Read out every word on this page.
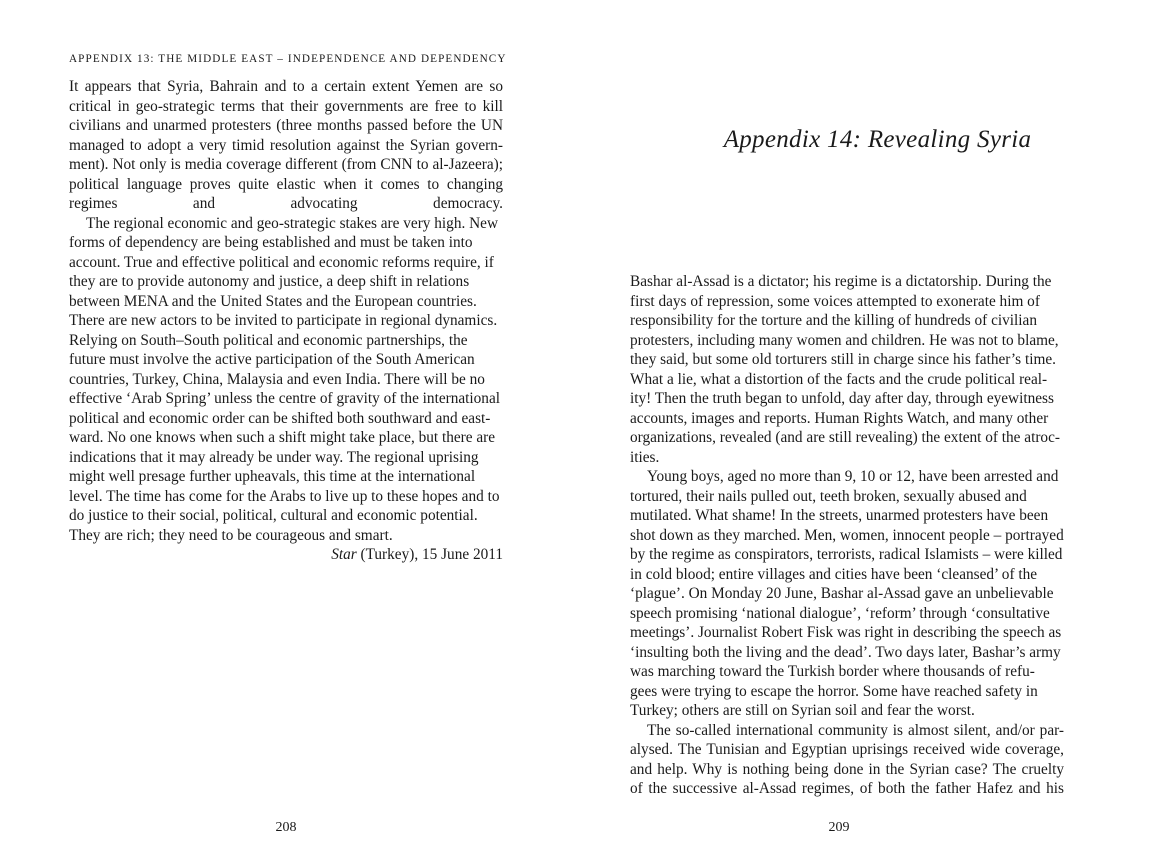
APPENDIX 13: THE MIDDLE EAST – INDEPENDENCE AND DEPENDENCY

It appears that Syria, Bahrain and to a certain extent Yemen are so
critical in geo-strategic terms that their governments are free to kill
civilians and unarmed protesters (three months passed before the UN
managed to adopt a very timid resolution against the Syrian govern-
ment). Not only is media coverage different (from CNN to al-Jazeera);
political language proves quite elastic when it comes to changing
regimes and advocating democracy.

The regional economic and geo-strategic stakes are very high. New
forms of dependency are being established and must be taken into
account. True and effective political and economic reforms require, if
they are to provide autonomy and justice, a deep shift in relations
between MENA and the United States and the European countries.
There are new actors to be invited to participate in regional dynamics.
Relying on South–South political and economic partnerships, the
future must involve the active participation of the South American
countries, Turkey, China, Malaysia and even India. There will be no
effective ‘Arab Spring’ unless the centre of gravity of the international
political and economic order can be shifted both southward and east-
ward. No one knows when such a shift might take place, but there are
indications that it may already be under way. The regional uprising
might well presage further upheavals, this time at the international
level. The time has come for the Arabs to live up to these hopes and to
do justice to their social, political, cultural and economic potential.
They are rich; they need to be courageous and smart.

Star (Turkey), 15 June 2011

208
Appendix 14: Revealing Syria

Bashar al-Assad is a dictator; his regime is a dictatorship. During the
first days of repression, some voices attempted to exonerate him of
responsibility for the torture and the killing of hundreds of civilian
protesters, including many women and children. He was not to blame,
they said, but some old torturers still in charge since his father’s time.
What a lie, what a distortion of the facts and the crude political real-
ity! Then the truth began to unfold, day after day, through eyewitness
accounts, images and reports. Human Rights Watch, and many other
organizations, revealed (and are still revealing) the extent of the atroc-
ities.

Young boys, aged no more than 9, 10 or 12, have been arrested and
tortured, their nails pulled out, teeth broken, sexually abused and
mutilated. What shame! In the streets, unarmed protesters have been
shot down as they marched. Men, women, innocent people – portrayed
by the regime as conspirators, terrorists, radical Islamists – were killed
in cold blood; entire villages and cities have been ‘cleansed’ of the
‘plague’. On Monday 20 June, Bashar al-Assad gave an unbelievable
speech promising ‘national dialogue’, ‘reform’ through ‘consultative
meetings’. Journalist Robert Fisk was right in describing the speech as
‘insulting both the living and the dead’. Two days later, Bashar’s army
was marching toward the Turkish border where thousands of refu-
gees were trying to escape the horror. Some have reached safety in
Turkey; others are still on Syrian soil and fear the worst.

The so-called international community is almost silent, and/or par-
alysed. The Tunisian and Egyptian uprisings received wide coverage,
and help. Why is nothing being done in the Syrian case? The cruelty
of the successive al-Assad regimes, of both the father Hafez and his

209
